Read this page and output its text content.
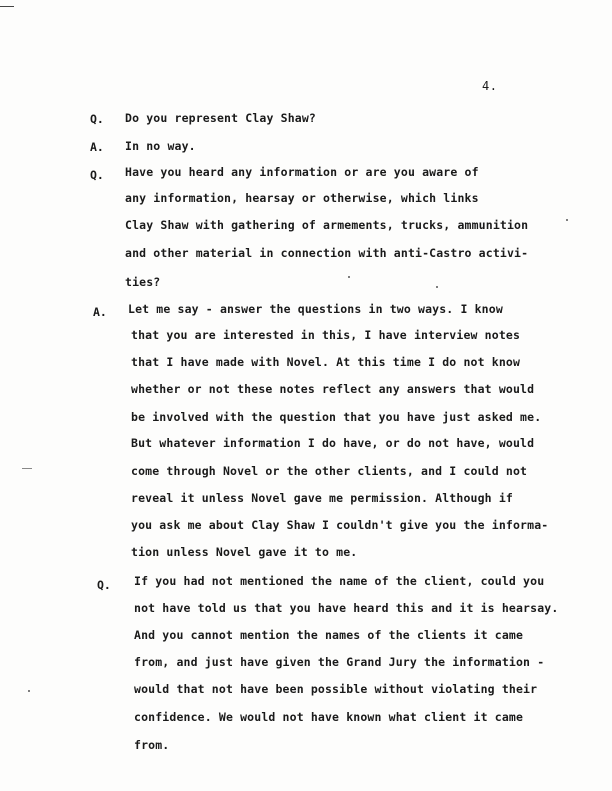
4.
Q. Do you represent Clay Shaw?
A. In no way.
Q. Have you heard any information or are you aware of
any information, hearsay or otherwise, which links
Clay Shaw with gathering of armements, trucks, ammunition
and other material in connection with anti-Castro activi-
ties?
A. Let me say - answer the questions in two ways. I know
that you are interested in this, I have interview notes
that I have made with Novel. At this time I do not know
whether or not these notes reflect any answers that would
be involved with the question that you have just asked me.
But whatever information I do have, or do not have, would
come through Novel or the other clients, and I could not
reveal it unless Novel gave me permission. Although if
you ask me about Clay Shaw I couldn't give you the informa-
tion unless Novel gave it to me.
Q. If you had not mentioned the name of the client, could you
not have told us that you have heard this and it is hearsay.
And you cannot mention the names of the clients it came
from, and just have given the Grand Jury the information -
would that not have been possible without violating their
confidence. We would not have known what client it came
from.
